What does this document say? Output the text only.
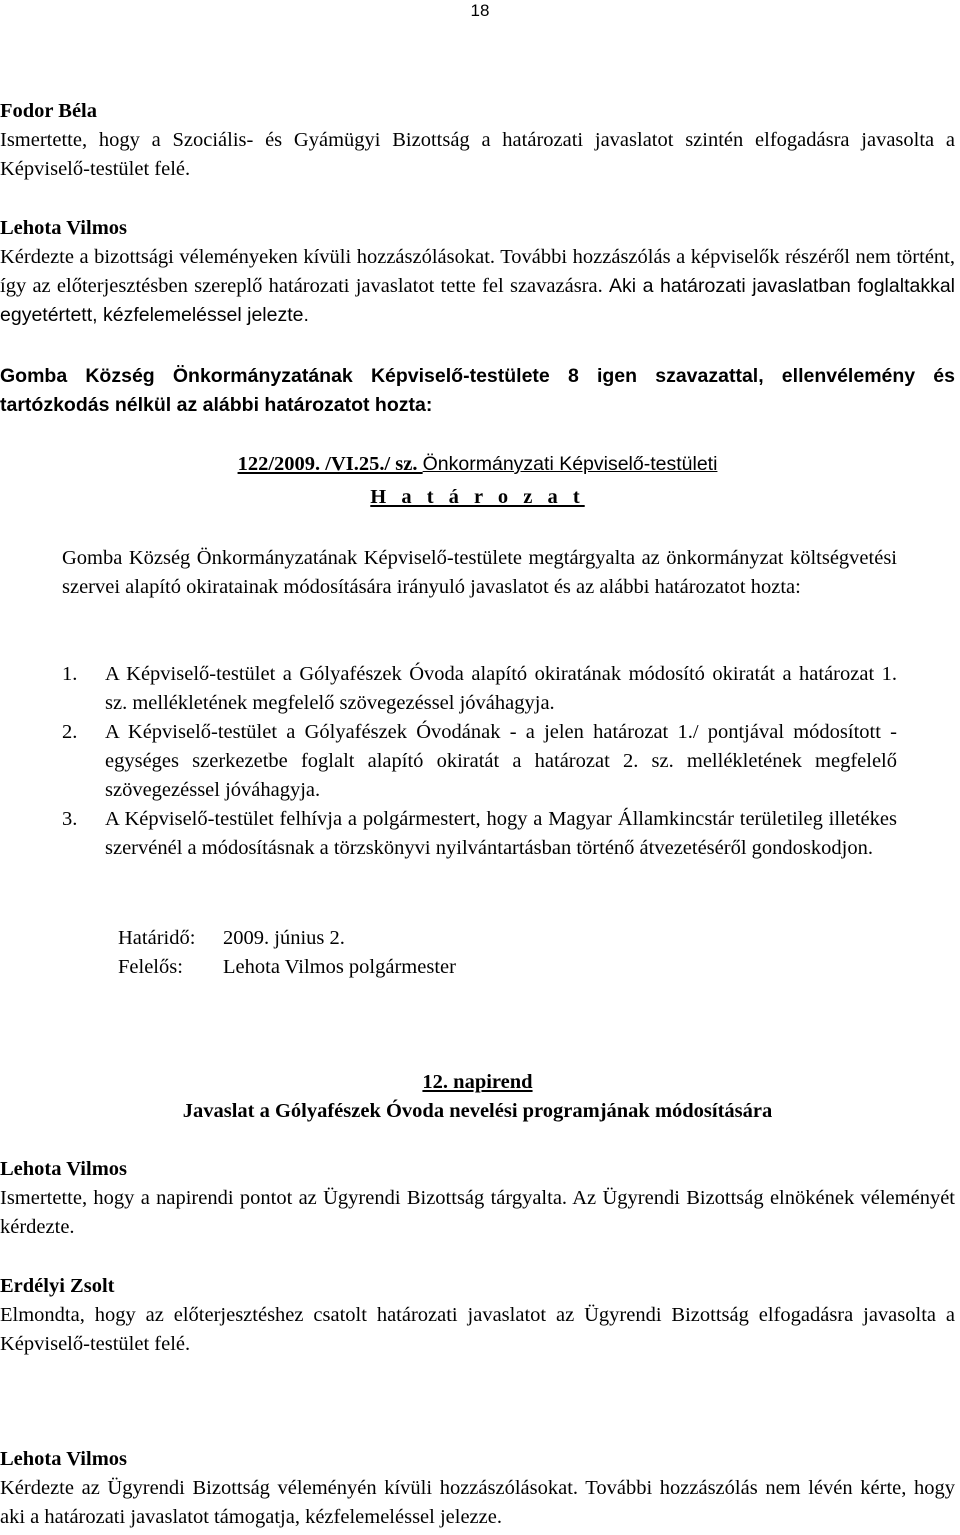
18
Fodor Béla
Ismertette, hogy a Szociális- és Gyámügyi Bizottság a határozati javaslatot szintén elfogadásra javasolta a Képviselő-testület felé.
Lehota Vilmos
Kérdezte a bizottsági véleményeken kívüli hozzászólásokat. További hozzászólás a képviselők részéről nem történt, így az előterjesztésben szereplő határozati javaslatot tette fel szavazásra. Aki a határozati javaslatban foglaltakkal egyetértett, kézfelemeléssel jelezte.
Gomba Község Önkormányzatának Képviselő-testülete 8 igen szavazattal, ellenvélemény és tartózkodás nélkül az alábbi határozatot hozta:
122/2009. /VI.25./ sz. Önkormányzati Képviselő-testületi
H a t á r o z a t
Gomba Község Önkormányzatának Képviselő-testülete megtárgyalta az önkormányzat költségvetési szervei alapító okiratainak módosítására irányuló javaslatot és az alábbi határozatot hozta:
1. A Képviselő-testület a Gólyafészek Óvoda alapító okiratának módosító okiratát a határozat 1. sz. mellékletének megfelelő szövegezéssel jóváhagyja.
2. A Képviselő-testület a Gólyafészek Óvodának - a jelen határozat 1./ pontjával módosított - egységes szerkezetbe foglalt alapító okiratát a határozat 2. sz. mellékletének megfelelő szövegezéssel jóváhagyja.
3. A Képviselő-testület felhívja a polgármestert, hogy a Magyar Államkincstár területileg illetékes szervénél a módosításnak a törzskönyvi nyilvántartásban történő átvezetéséről gondoskodjon.
Határidő: 2009. június 2.
Felelős: Lehota Vilmos polgármester
12. napirend
Javaslat a Gólyafészek Óvoda nevelési programjának módosítására
Lehota Vilmos
Ismertette, hogy a napirendi pontot az Ügyrendi Bizottság tárgyalta. Az Ügyrendi Bizottság elnökének véleményét kérdezte.
Erdélyi Zsolt
Elmondta, hogy az előterjesztéshez csatolt határozati javaslatot az Ügyrendi Bizottság elfogadásra javasolta a Képviselő-testület felé.
Lehota Vilmos
Kérdezte az Ügyrendi Bizottság véleményén kívüli hozzászólásokat. További hozzászólás nem lévén kérte, hogy aki a határozati javaslatot támogatja, kézfelemeléssel jelezze.
